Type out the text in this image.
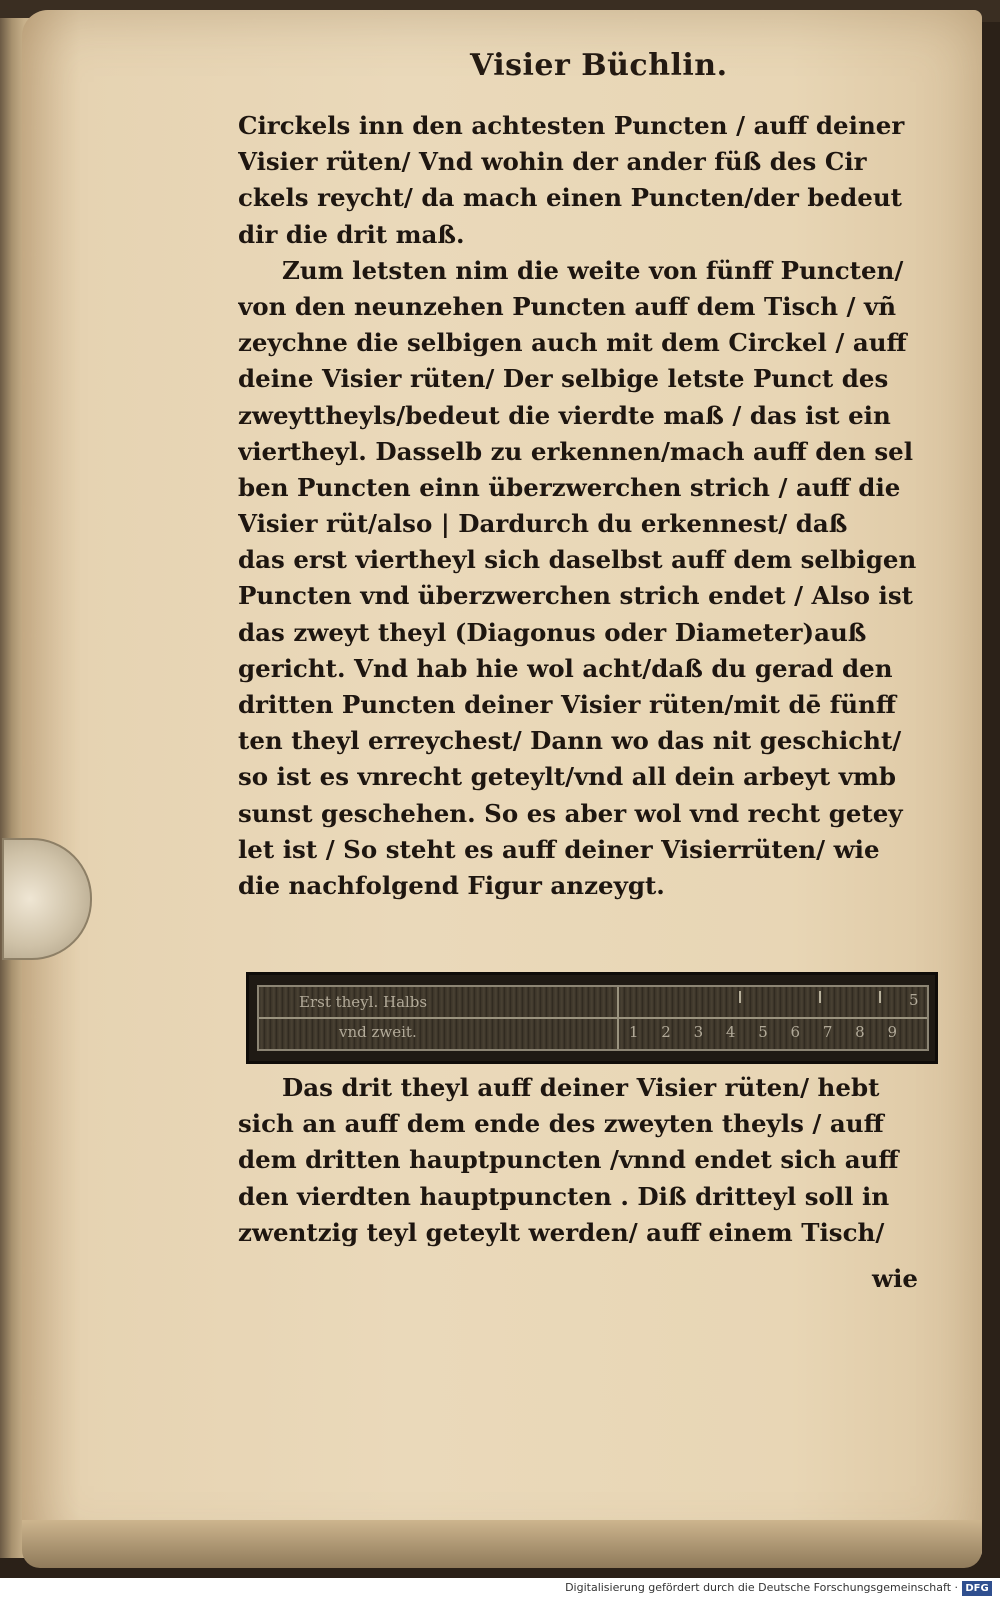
Visier Büchlin.
Circkels inn den achtesten Puncten / auff deiner
Visier rüten/ Vnd wohin der ander füß des Cir
ckels reycht/ da mach einen Puncten/der bedeut
dir die drit maß.
Zum letsten nim die weite von fünff Puncten/
von den neunzehen Puncten auff dem Tisch / vñ
zeychne die selbigen auch mit dem Circkel / auff
deine Visier rüten/ Der selbige letste Punct des
zweyttheyls/bedeut die vierdte maß / das ist ein
viertheyl. Dasselb zu erkennen/mach auff den sel
ben Puncten einn überzwerchen strich / auff die
Visier rüt/also | Dardurch du erkennest/ daß
das erst viertheyl sich daselbst auff dem selbigen
Puncten vnd überzwerchen strich endet / Also ist
das zweyt theyl (Diagonus oder Diameter)auß
gericht. Vnd hab hie wol acht/daß du gerad den
dritten Puncten deiner Visier rüten/mit dē fünff
ten theyl erreychest/ Dann wo das nit geschicht/
so ist es vnrecht geteylt/vnd all dein arbeyt vmb
sunst geschehen. So es aber wol vnd recht getey
let ist / So steht es auff deiner Visierrüten/ wie
die nachfolgend Figur anzeygt.
Erst theyl. Halbs
vnd zweit.	1 2 3 4 5 6 7 8 9
5
Das drit theyl auff deiner Visier rüten/ hebt
sich an auff dem ende des zweyten theyls / auff
dem dritten hauptpuncten /vnnd endet sich auff
den vierdten hauptpuncten . Diß dritteyl soll in
zwentzig teyl geteylt werden/ auff einem Tisch/
wie
Digitalisierung gefördert durch die Deutsche Forschungsgemeinschaft · DFG
